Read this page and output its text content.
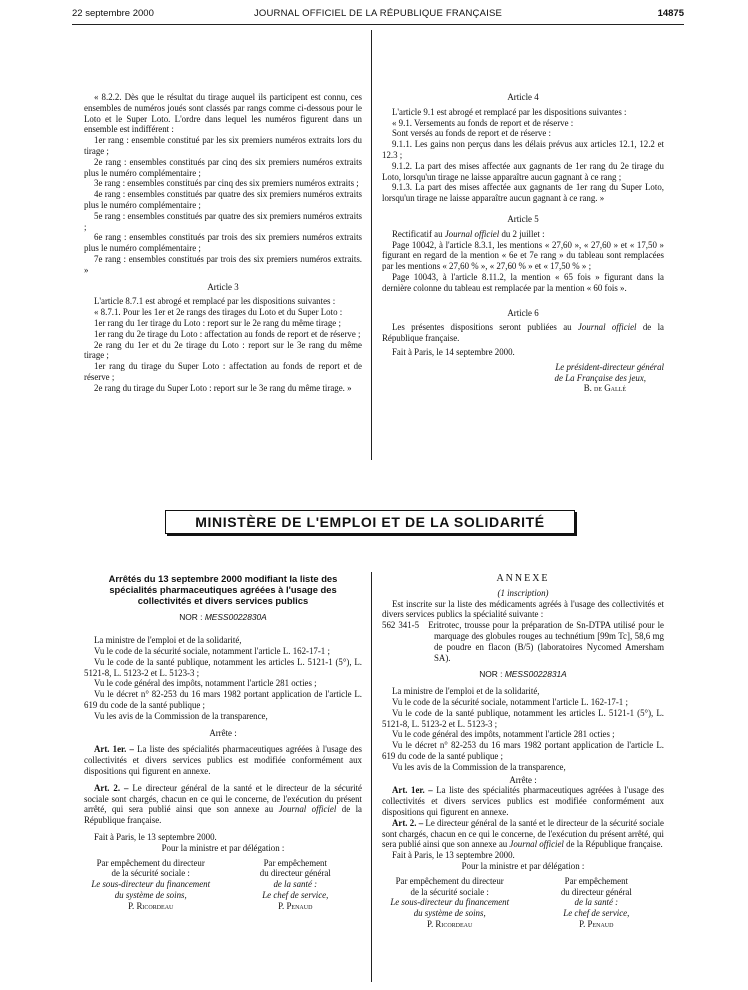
22 septembre 2000	JOURNAL OFFICIEL DE LA RÉPUBLIQUE FRANÇAISE	14875

« 8.2.2. Dès que le résultat du tirage auquel ils participent est connu, ces ensembles de numéros joués sont classés par rangs comme ci-dessous pour le Loto et le Super Loto. L'ordre dans lequel les numéros figurent dans un ensemble est indifférent :

1er rang : ensemble constitué par les six premiers numéros extraits lors du tirage ;

2e rang : ensembles constitués par cinq des six premiers numéros extraits plus le numéro complémentaire ;

3e rang : ensembles constitués par cinq des six premiers numéros extraits ;

4e rang : ensembles constitués par quatre des six premiers numéros extraits plus le numéro complémentaire ;

5e rang : ensembles constitués par quatre des six premiers numéros extraits ;

6e rang : ensembles constitués par trois des six premiers numéros extraits plus le numéro complémentaire ;

7e rang : ensembles constitués par trois des six premiers numéros extraits. »

Article 3

L'article 8.7.1 est abrogé et remplacé par les dispositions suivantes :

« 8.7.1. Pour les 1er et 2e rangs des tirages du Loto et du Super Loto :

1er rang du 1er tirage du Loto : report sur le 2e rang du même tirage ;

1er rang du 2e tirage du Loto : affectation au fonds de report et de réserve ;

2e rang du 1er et du 2e tirage du Loto : report sur le 3e rang du même tirage ;

1er rang du tirage du Super Loto : affectation au fonds de report et de réserve ;

2e rang du tirage du Super Loto : report sur le 3e rang du même tirage. »

Article 4

L'article 9.1 est abrogé et remplacé par les dispositions suivantes :

« 9.1. Versements au fonds de report et de réserve :

Sont versés au fonds de report et de réserve :

9.1.1. Les gains non perçus dans les délais prévus aux articles 12.1, 12.2 et 12.3 ;

9.1.2. La part des mises affectée aux gagnants de 1er rang du 2e tirage du Loto, lorsqu'un tirage ne laisse apparaître aucun gagnant à ce rang ;

9.1.3. La part des mises affectée aux gagnants de 1er rang du Super Loto, lorsqu'un tirage ne laisse apparaître aucun gagnant à ce rang. »

Article 5

Rectificatif au Journal officiel du 2 juillet :

Page 10042, à l'article 8.3.1, les mentions « 27,60 », « 27,60 » et « 17,50 » figurant en regard de la mention « 6e et 7e rang » du tableau sont remplacées par les mentions « 27,60 % », « 27,60 % » et « 17,50 % » ;

Page 10043, à l'article 8.11.2, la mention « 65 fois » figurant dans la dernière colonne du tableau est remplacée par la mention « 60 fois ».

Article 6

Les présentes dispositions seront publiées au Journal officiel de la République française.

Fait à Paris, le 14 septembre 2000.

Le président-directeur général

de La Française des jeux,

B. de Gallé

MINISTÈRE DE L'EMPLOI ET DE LA SOLIDARITÉ

Arrêtés du 13 septembre 2000 modifiant la liste des spécialités pharmaceutiques agréées à l'usage des collectivités et divers services publics

NOR : MESS0022830A

La ministre de l'emploi et de la solidarité,

Vu le code de la sécurité sociale, notamment l'article L. 162-17-1 ;

Vu le code de la santé publique, notamment les articles L. 5121-1 (5°), L. 5121-8, L. 5123-2 et L. 5123-3 ;

Vu le code général des impôts, notamment l'article 281 octies ;

Vu le décret n° 82-253 du 16 mars 1982 portant application de l'article L. 619 du code de la santé publique ;

Vu les avis de la Commission de la transparence,

Arrête :

Art. 1er. – La liste des spécialités pharmaceutiques agréées à l'usage des collectivités et divers services publics est modifiée conformément aux dispositions qui figurent en annexe.

Art. 2. – Le directeur général de la santé et le directeur de la sécurité sociale sont chargés, chacun en ce qui le concerne, de l'exécution du présent arrêté, qui sera publié ainsi que son annexe au Journal officiel de la République française.

Fait à Paris, le 13 septembre 2000.

Pour la ministre et par délégation :

Par empêchement du directeur
de la sécurité sociale :
Le sous-directeur du financement
du système de soins,
P. Ricordeau
Par empêchement
du directeur général
de la santé :
Le chef de service,
P. Penaud

ANNEXE

(1 inscription)

Est inscrite sur la liste des médicaments agréés à l'usage des collectivités et divers services publics la spécialité suivante :

562 341-5 Eritrotec, trousse pour la préparation de Sn-DTPA utilisé pour le marquage des globules rouges au technétium [99m Tc], 58,6 mg de poudre en flacon (B/5) (laboratoires Nycomed Amersham SA).

NOR : MESS0022831A

La ministre de l'emploi et de la solidarité,

Vu le code de la sécurité sociale, notamment l'article L. 162-17-1 ;

Vu le code de la santé publique, notamment les articles L. 5121-1 (5°), L. 5121-8, L. 5123-2 et L. 5123-3 ;

Vu le code général des impôts, notamment l'article 281 octies ;

Vu le décret n° 82-253 du 16 mars 1982 portant application de l'article L. 619 du code de la santé publique ;

Vu les avis de la Commission de la transparence,

Arrête :

Art. 1er. – La liste des spécialités pharmaceutiques agréées à l'usage des collectivités et divers services publics est modifiée conformément aux dispositions qui figurent en annexe.

Art. 2. – Le directeur général de la santé et le directeur de la sécurité sociale sont chargés, chacun en ce qui le concerne, de l'exécution du présent arrêté, qui sera publié ainsi que son annexe au Journal officiel de la République française.

Fait à Paris, le 13 septembre 2000.

Pour la ministre et par délégation :

Par empêchement du directeur
de la sécurité sociale :
Le sous-directeur du financement
du système de soins,
P. Ricordeau
Par empêchement
du directeur général
de la santé :
Le chef de service,
P. Penaud
